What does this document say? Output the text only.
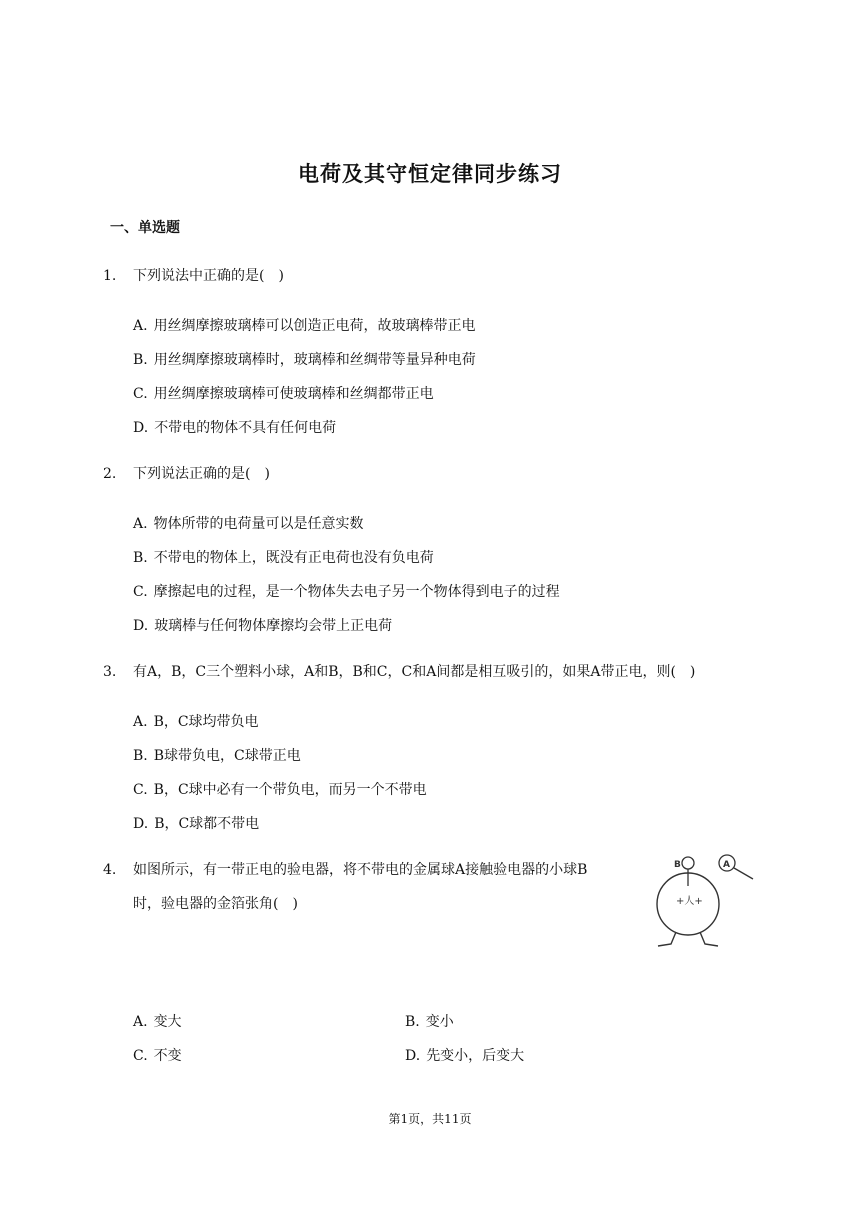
电荷及其守恒定律同步练习
一、单选题
1. 下列说法中正确的是(　)
A. 用丝绸摩擦玻璃棒可以创造正电荷，故玻璃棒带正电
B. 用丝绸摩擦玻璃棒时，玻璃棒和丝绸带等量异种电荷
C. 用丝绸摩擦玻璃棒可使玻璃棒和丝绸都带正电
D. 不带电的物体不具有任何电荷
2. 下列说法正确的是(　)
A. 物体所带的电荷量可以是任意实数
B. 不带电的物体上，既没有正电荷也没有负电荷
C. 摩擦起电的过程，是一个物体失去电子另一个物体得到电子的过程
D. 玻璃棒与任何物体摩擦均会带上正电荷
3. 有A，B，C三个塑料小球，A和B，B和C，C和A间都是相互吸引的，如果A带正电，则(　)
A. B，C球均带负电
B. B球带负电，C球带正电
C. B，C球中必有一个带负电，而另一个不带电
D. B，C球都不带电
4. 如图所示，有一带正电的验电器，将不带电的金属球A接触验电器的小球B
时，验电器的金箔张角(　)
B
+人+
A
A. 变大	B. 变小
C. 不变	D. 先变小，后变大
第1页，共11页
